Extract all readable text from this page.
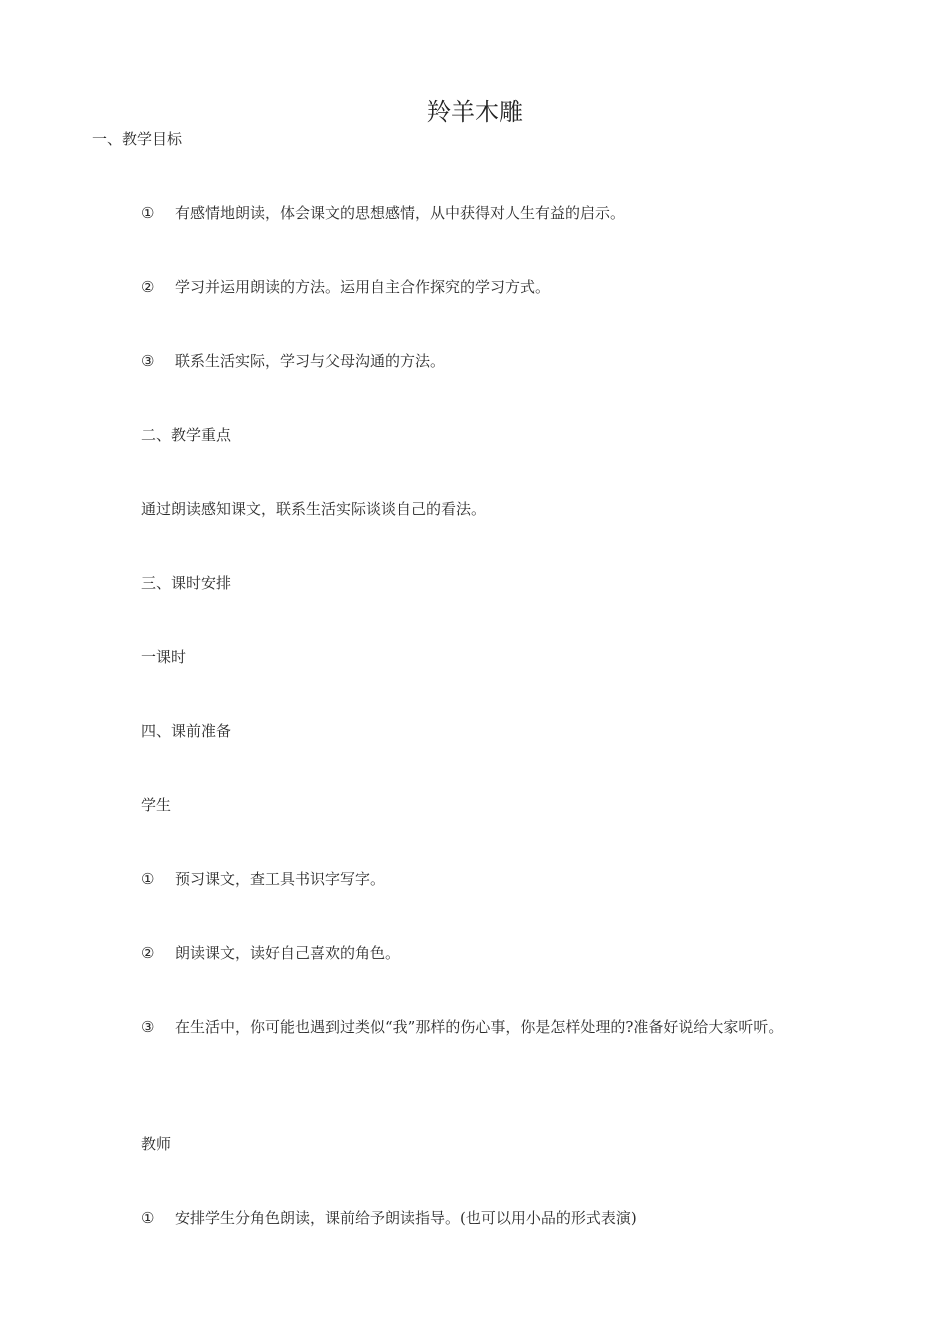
羚羊木雕
一、教学目标
① 有感情地朗读，体会课文的思想感情，从中获得对人生有益的启示。
② 学习并运用朗读的方法。运用自主合作探究的学习方式。
③ 联系生活实际，学习与父母沟通的方法。
二、教学重点
通过朗读感知课文，联系生活实际谈谈自己的看法。
三、课时安排
一课时
四、课前准备
学生
① 预习课文，查工具书识字写字。
② 朗读课文，读好自己喜欢的角色。
③ 在生活中，你可能也遇到过类似“我”那样的伤心事，你是怎样处理的?准备好说给大家听听。
教师
① 安排学生分角色朗读，课前给予朗读指导。(也可以用小品的形式表演)
